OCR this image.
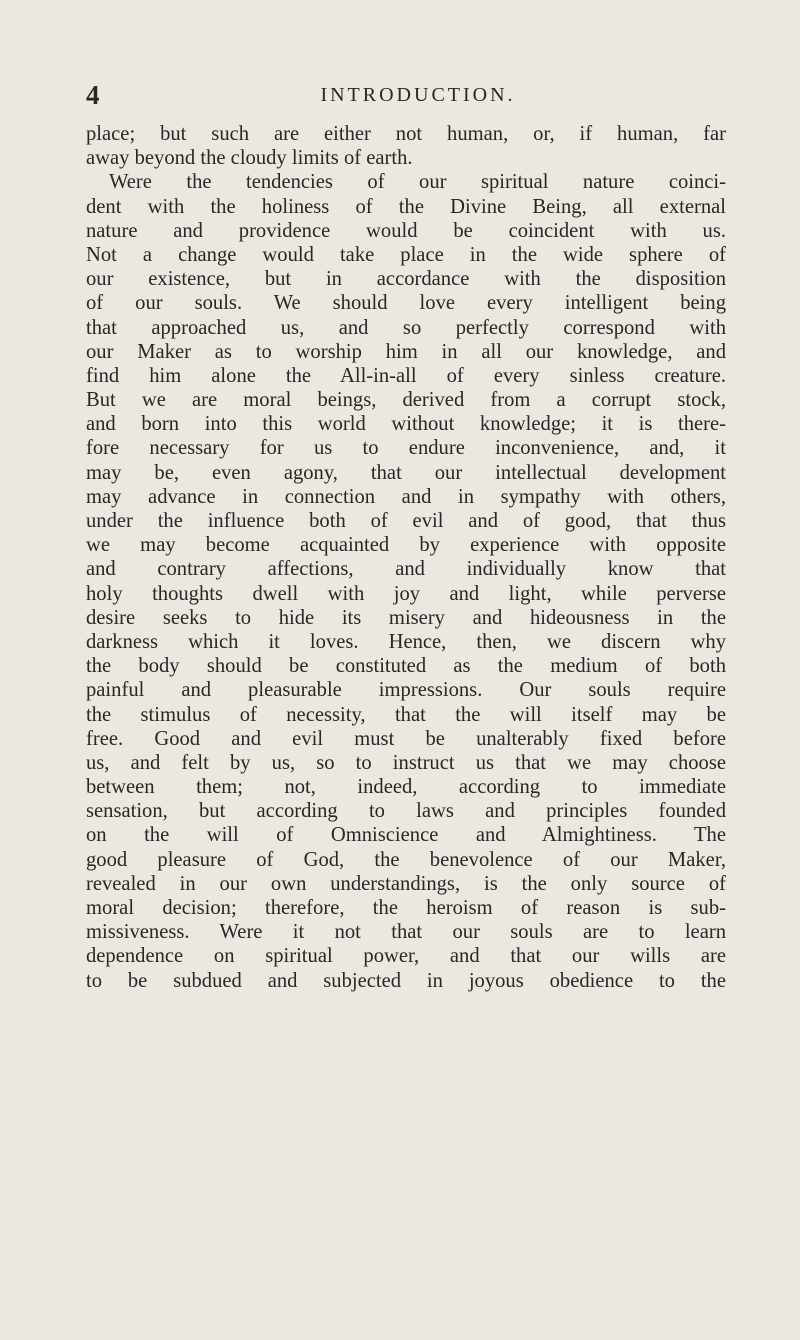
4	INTRODUCTION.
place; but such are either not human, or, if human, far
away beyond the cloudy limits of earth.
Were the tendencies of our spiritual nature coinci-
dent with the holiness of the Divine Being, all external
nature and providence would be coincident with us.
Not a change would take place in the wide sphere of
our existence, but in accordance with the disposition
of our souls. We should love every intelligent being
that approached us, and so perfectly correspond with
our Maker as to worship him in all our knowledge, and
find him alone the All-in-all of every sinless creature.
But we are moral beings, derived from a corrupt stock,
and born into this world without knowledge; it is there-
fore necessary for us to endure inconvenience, and, it
may be, even agony, that our intellectual development
may advance in connection and in sympathy with others,
under the influence both of evil and of good, that thus
we may become acquainted by experience with opposite
and contrary affections, and individually know that
holy thoughts dwell with joy and light, while perverse
desire seeks to hide its misery and hideousness in the
darkness which it loves. Hence, then, we discern why
the body should be constituted as the medium of both
painful and pleasurable impressions. Our souls require
the stimulus of necessity, that the will itself may be
free. Good and evil must be unalterably fixed before
us, and felt by us, so to instruct us that we may choose
between them; not, indeed, according to immediate
sensation, but according to laws and principles founded
on the will of Omniscience and Almightiness. The
good pleasure of God, the benevolence of our Maker,
revealed in our own understandings, is the only source of
moral decision; therefore, the heroism of reason is sub-
missiveness. Were it not that our souls are to learn
dependence on spiritual power, and that our wills are
to be subdued and subjected in joyous obedience to the
